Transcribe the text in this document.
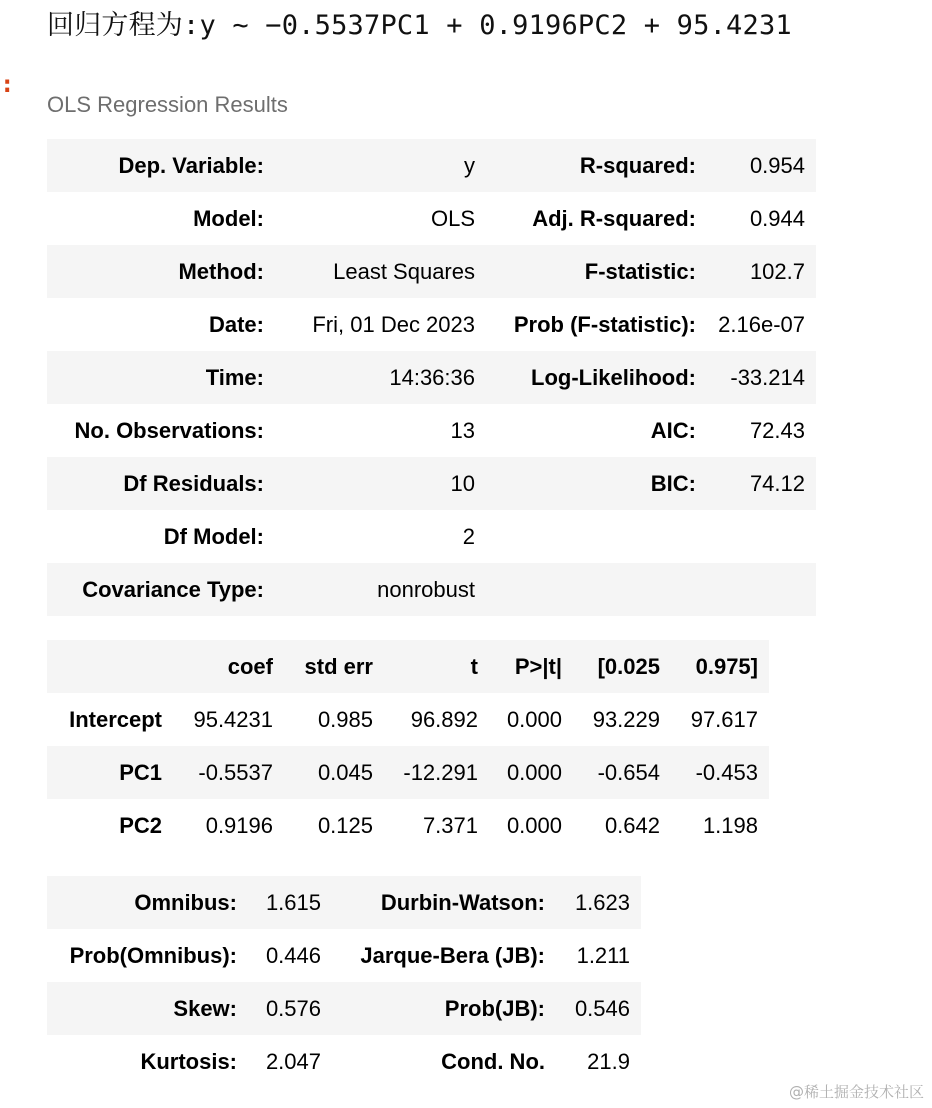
回归方程为:y ~ −0.5537PC1 + 0.9196PC2 + 95.4231
:
OLS Regression Results
Dep. Variable:	y	R-squared:	0.954
Model:	OLS	Adj. R-squared:	0.944
Method:	Least Squares	F-statistic:	102.7
Date:	Fri, 01 Dec 2023	Prob (F-statistic):	2.16e-07
Time:	14:36:36	Log-Likelihood:	-33.214
No. Observations:	13	AIC:	72.43
Df Residuals:	10	BIC:	74.12
Df Model:	2		
Covariance Type:	nonrobust		
	coef	std err	t	P>|t|	[0.025	0.975]
Intercept	95.4231	0.985	96.892	0.000	93.229	97.617
PC1	-0.5537	0.045	-12.291	0.000	-0.654	-0.453
PC2	0.9196	0.125	7.371	0.000	0.642	1.198
Omnibus:	1.615	Durbin-Watson:	1.623
Prob(Omnibus):	0.446	Jarque-Bera (JB):	1.211
Skew:	0.576	Prob(JB):	0.546
Kurtosis:	2.047	Cond. No.	21.9
@稀土掘金技术社区
